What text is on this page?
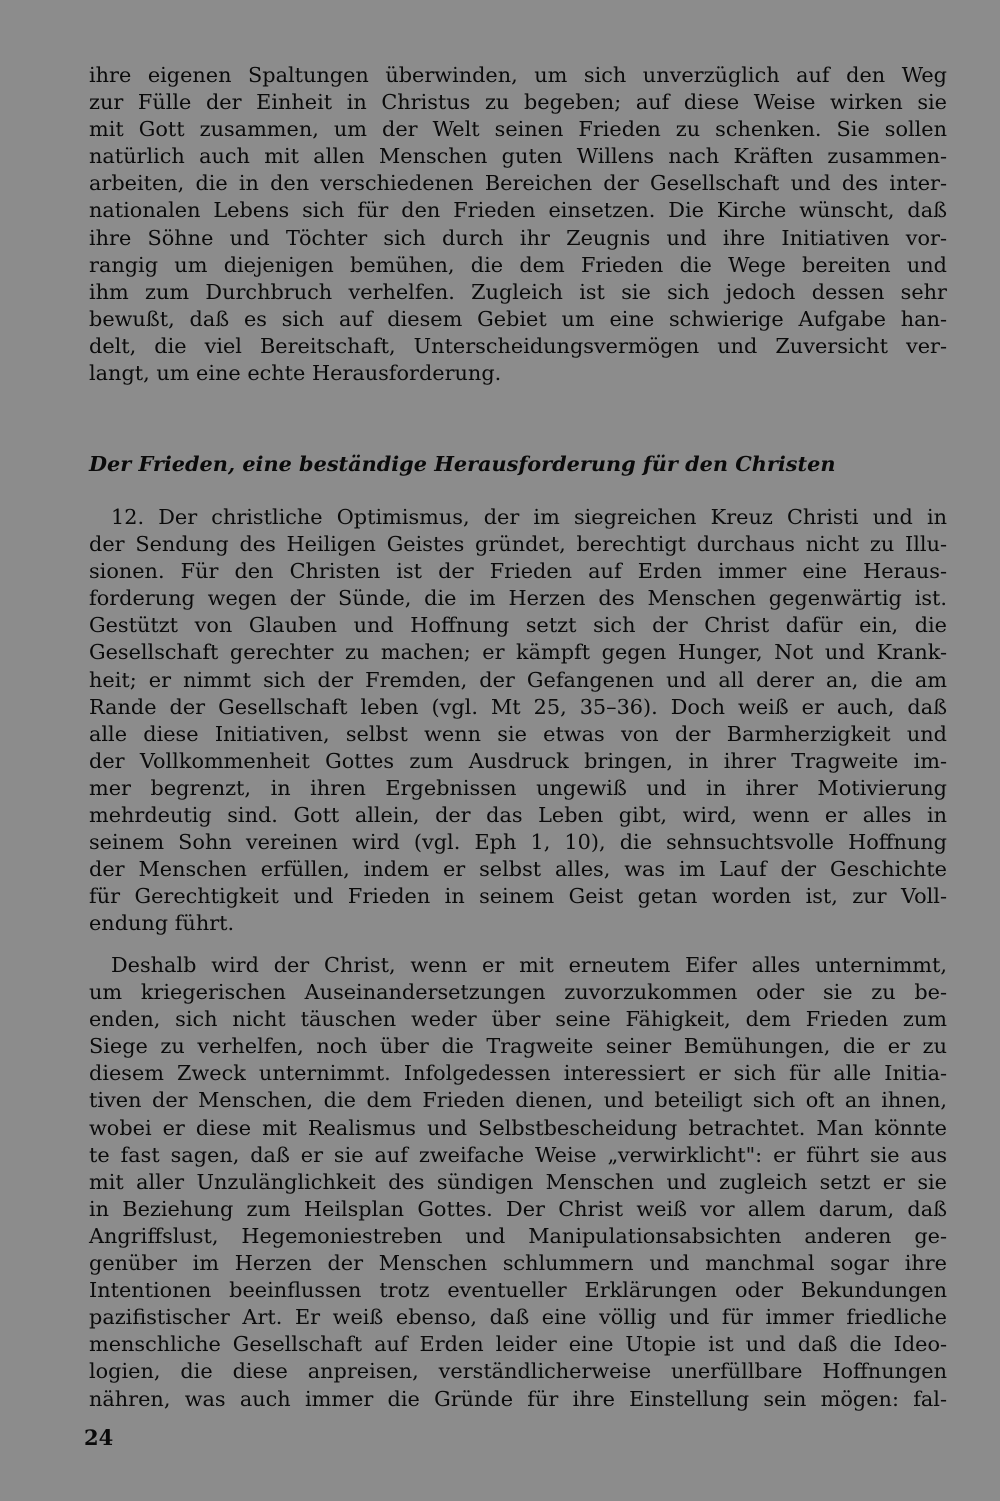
ihre eigenen Spaltungen überwinden, um sich unverzüglich auf den Weg
zur Fülle der Einheit in Christus zu begeben; auf diese Weise wirken sie
mit Gott zusammen, um der Welt seinen Frieden zu schenken. Sie sollen
natürlich auch mit allen Menschen guten Willens nach Kräften zusammen-
arbeiten, die in den verschiedenen Bereichen der Gesellschaft und des inter-
nationalen Lebens sich für den Frieden einsetzen. Die Kirche wünscht, daß
ihre Söhne und Töchter sich durch ihr Zeugnis und ihre Initiativen vor-
rangig um diejenigen bemühen, die dem Frieden die Wege bereiten und
ihm zum Durchbruch verhelfen. Zugleich ist sie sich jedoch dessen sehr
bewußt, daß es sich auf diesem Gebiet um eine schwierige Aufgabe han-
delt, die viel Bereitschaft, Unterscheidungsvermögen und Zuversicht ver-
langt, um eine echte Herausforderung.
Der Frieden, eine beständige Herausforderung für den Christen
12. Der christliche Optimismus, der im siegreichen Kreuz Christi und in
der Sendung des Heiligen Geistes gründet, berechtigt durchaus nicht zu Illu-
sionen. Für den Christen ist der Frieden auf Erden immer eine Heraus-
forderung wegen der Sünde, die im Herzen des Menschen gegenwärtig ist.
Gestützt von Glauben und Hoffnung setzt sich der Christ dafür ein, die
Gesellschaft gerechter zu machen; er kämpft gegen Hunger, Not und Krank-
heit; er nimmt sich der Fremden, der Gefangenen und all derer an, die am
Rande der Gesellschaft leben (vgl. Mt 25, 35–36). Doch weiß er auch, daß
alle diese Initiativen, selbst wenn sie etwas von der Barmherzigkeit und
der Vollkommenheit Gottes zum Ausdruck bringen, in ihrer Tragweite im-
mer begrenzt, in ihren Ergebnissen ungewiß und in ihrer Motivierung
mehrdeutig sind. Gott allein, der das Leben gibt, wird, wenn er alles in
seinem Sohn vereinen wird (vgl. Eph 1, 10), die sehnsuchtsvolle Hoffnung
der Menschen erfüllen, indem er selbst alles, was im Lauf der Geschichte
für Gerechtigkeit und Frieden in seinem Geist getan worden ist, zur Voll-
endung führt.
Deshalb wird der Christ, wenn er mit erneutem Eifer alles unternimmt,
um kriegerischen Auseinandersetzungen zuvorzukommen oder sie zu be-
enden, sich nicht täuschen weder über seine Fähigkeit, dem Frieden zum
Siege zu verhelfen, noch über die Tragweite seiner Bemühungen, die er zu
diesem Zweck unternimmt. Infolgedessen interessiert er sich für alle Initia-
tiven der Menschen, die dem Frieden dienen, und beteiligt sich oft an ihnen,
wobei er diese mit Realismus und Selbstbescheidung betrachtet. Man könnte
te fast sagen, daß er sie auf zweifache Weise „verwirklicht": er führt sie aus
mit aller Unzulänglichkeit des sündigen Menschen und zugleich setzt er sie
in Beziehung zum Heilsplan Gottes. Der Christ weiß vor allem darum, daß
Angriffslust, Hegemoniestreben und Manipulationsabsichten anderen ge-
genüber im Herzen der Menschen schlummern und manchmal sogar ihre
Intentionen beeinflussen trotz eventueller Erklärungen oder Bekundungen
pazifistischer Art. Er weiß ebenso, daß eine völlig und für immer friedliche
menschliche Gesellschaft auf Erden leider eine Utopie ist und daß die Ideo-
logien, die diese anpreisen, verständlicherweise unerfüllbare Hoffnungen
nähren, was auch immer die Gründe für ihre Einstellung sein mögen: fal-
24
